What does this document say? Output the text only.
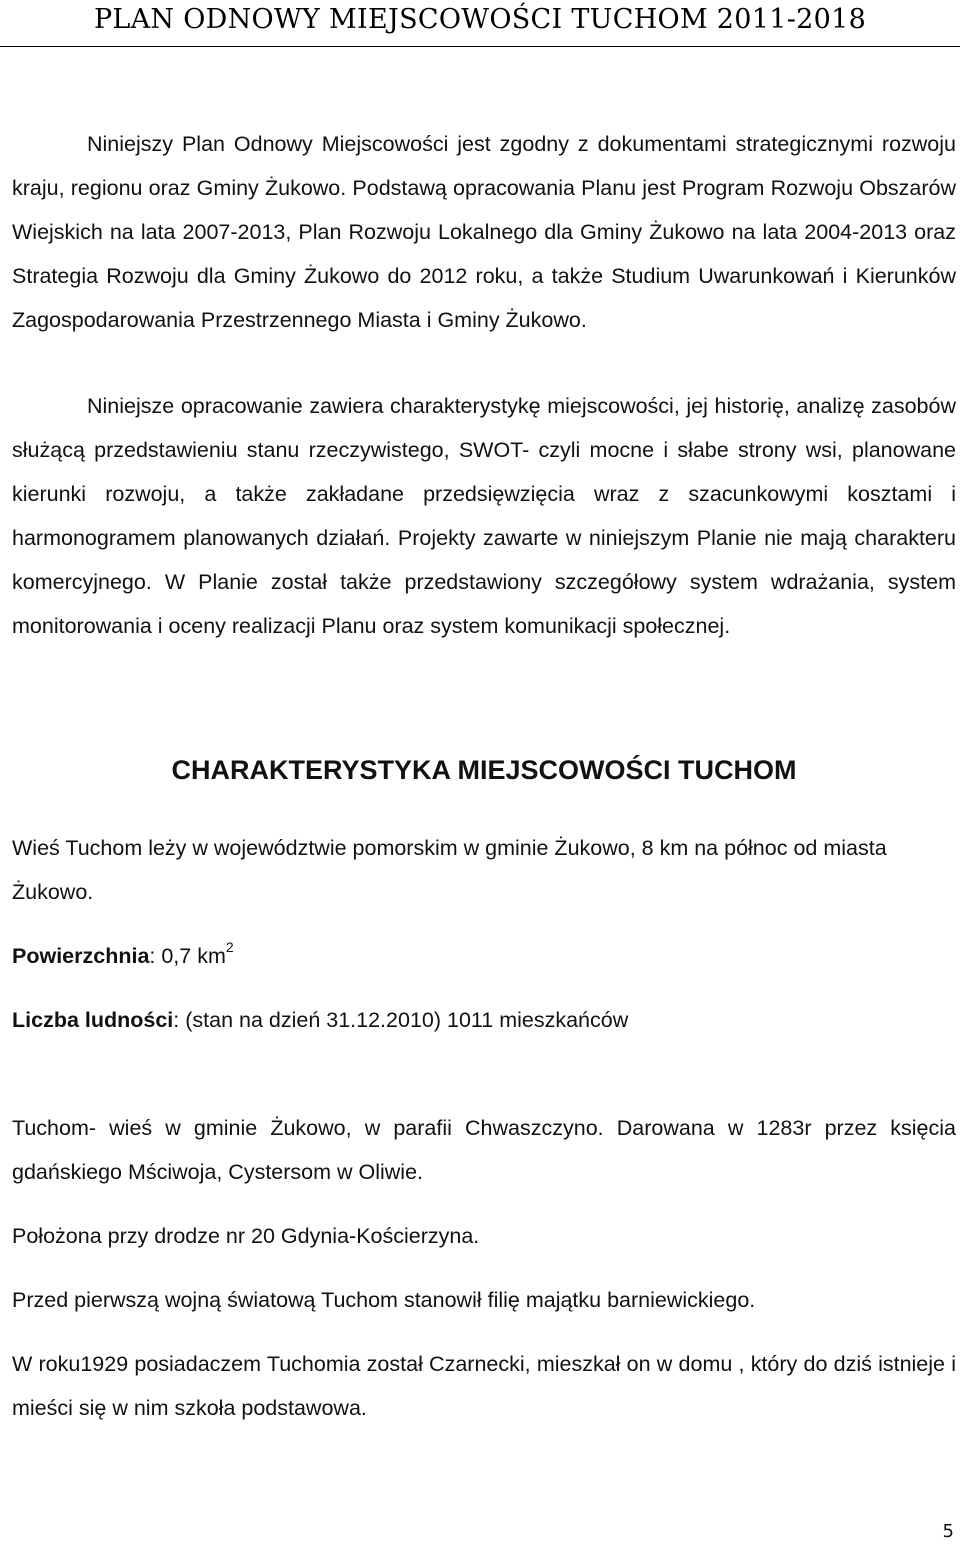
PLAN ODNOWY MIEJSCOWOŚCI TUCHOM 2011-2018

Niniejszy Plan Odnowy Miejscowości jest zgodny z dokumentami strategicznymi rozwoju kraju, regionu oraz Gminy Żukowo. Podstawą opracowania Planu jest Program Rozwoju Obszarów Wiejskich na lata 2007-2013, Plan Rozwoju Lokalnego dla Gminy Żukowo na lata 2004-2013 oraz Strategia Rozwoju dla Gminy Żukowo do 2012 roku, a także Studium Uwarunkowań i Kierunków Zagospodarowania Przestrzennego Miasta i Gminy Żukowo.

Niniejsze opracowanie zawiera charakterystykę miejscowości, jej historię, analizę zasobów służącą przedstawieniu stanu rzeczywistego, SWOT- czyli mocne i słabe strony wsi, planowane kierunki rozwoju, a także zakładane przedsięwzięcia wraz z szacunkowymi kosztami i harmonogramem planowanych działań. Projekty zawarte w niniejszym Planie nie mają charakteru komercyjnego. W Planie został także przedstawiony szczegółowy system wdrażania, system monitorowania i oceny realizacji Planu oraz system komunikacji społecznej.

CHARAKTERYSTYKA MIEJSCOWOŚCI TUCHOM

Wieś Tuchom leży w województwie pomorskim w gminie Żukowo, 8 km na północ od miasta Żukowo.

Powierzchnia: 0,7 $km^2$

Liczba ludności: (stan na dzień 31.12.2010) 1011 mieszkańców

Tuchom- wieś w gminie Żukowo, w parafii Chwaszczyno. Darowana w 1283r przez księcia gdańskiego Mściwoja, Cystersom w Oliwie.

Położona przy drodze nr 20 Gdynia-Kościerzyna.

Przed pierwszą wojną światową Tuchom stanowił filię majątku barniewickiego.

W roku1929 posiadaczem Tuchomia został Czarnecki, mieszkał on w domu , który do dziś istnieje i mieści się w nim szkoła podstawowa.

5
